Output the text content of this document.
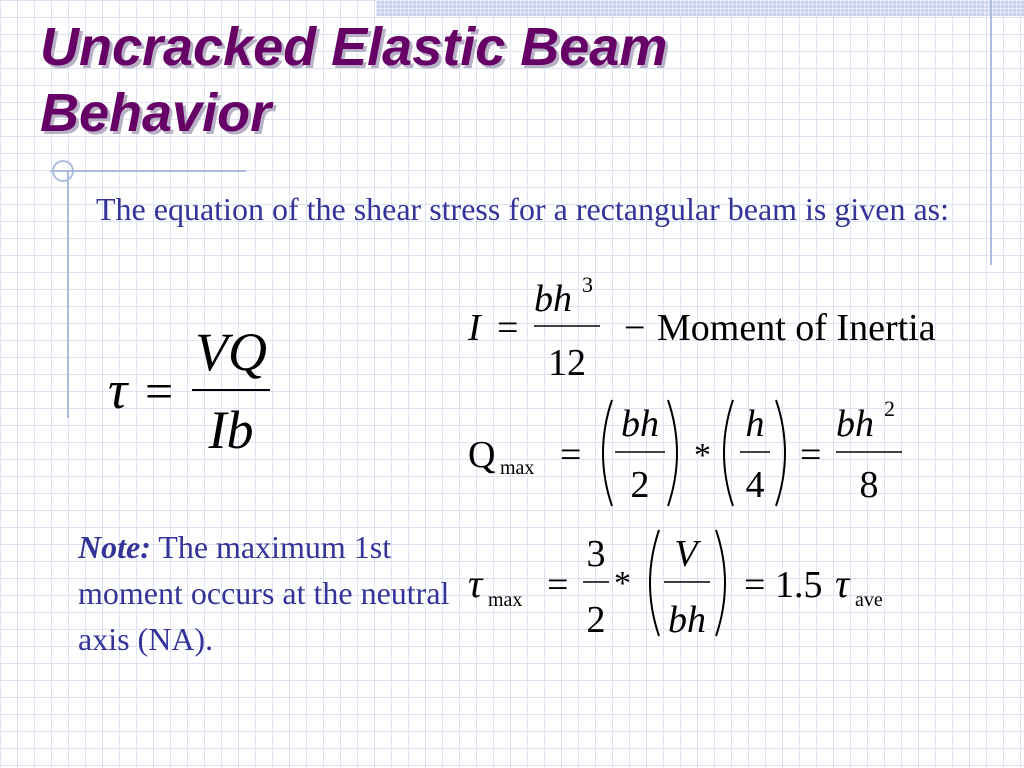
Uncracked Elastic Beam
Behavior

The equation of the shear stress for a rectangular beam is given as:

Note: The maximum 1st moment occurs at the neutral axis (NA).

τ =
VQ
Ib
I =
bh 3
12
− Moment of Inertia
Q max =
bh
2
*
h
4
=
bh 2
8
τ max =
3
2
*
V
bh
= 1.5 τ ave
